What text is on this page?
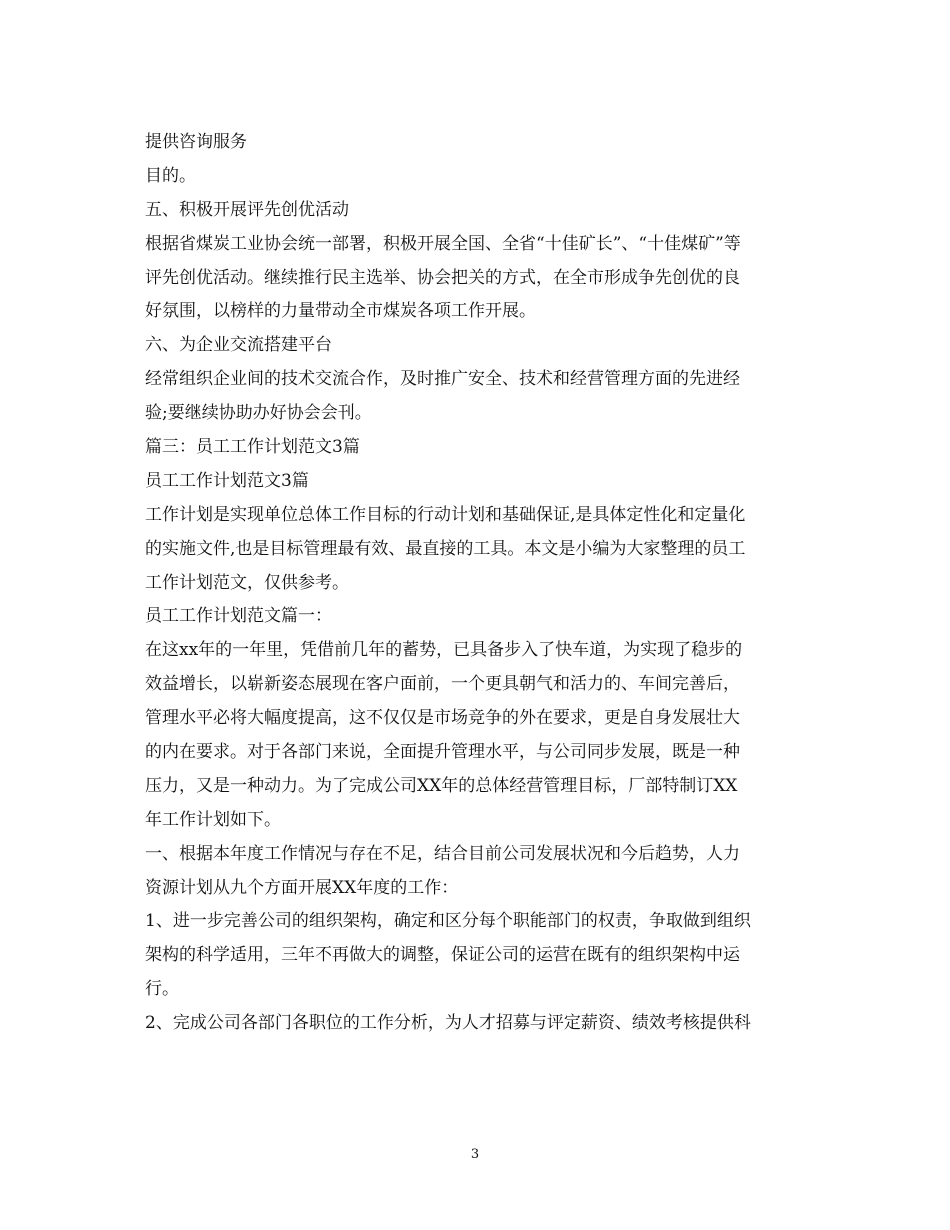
提供咨询服务
目的。
五、积极开展评先创优活动
根据省煤炭工业协会统一部署，积极开展全国、全省“十佳矿长”、“十佳煤矿”等
评先创优活动。继续推行民主选举、协会把关的方式，在全市形成争先创优的良
好氛围，以榜样的力量带动全市煤炭各项工作开展。
六、为企业交流搭建平台
经常组织企业间的技术交流合作，及时推广安全、技术和经营管理方面的先进经
验;要继续协助办好协会会刊。
篇三：员工工作计划范文3篇
员工工作计划范文3篇
工作计划是实现单位总体工作目标的行动计划和基础保证,是具体定性化和定量化
的实施文件,也是目标管理最有效、最直接的工具。本文是小编为大家整理的员工
工作计划范文，仅供参考。
员工工作计划范文篇一：
在这xx年的一年里，凭借前几年的蓄势，已具备步入了快车道，为实现了稳步的
效益增长，以崭新姿态展现在客户面前，一个更具朝气和活力的、车间完善后，
管理水平必将大幅度提高，这不仅仅是市场竞争的外在要求，更是自身发展壮大
的内在要求。对于各部门来说，全面提升管理水平，与公司同步发展，既是一种
压力，又是一种动力。为了完成公司XX年的总体经营管理目标，厂部特制订XX
年工作计划如下。
一、根据本年度工作情况与存在不足，结合目前公司发展状况和今后趋势，人力
资源计划从九个方面开展XX年度的工作：
1、进一步完善公司的组织架构，确定和区分每个职能部门的权责，争取做到组织
架构的科学适用，三年不再做大的调整，保证公司的运营在既有的组织架构中运
行。
2、完成公司各部门各职位的工作分析，为人才招募与评定薪资、绩效考核提供科
3
